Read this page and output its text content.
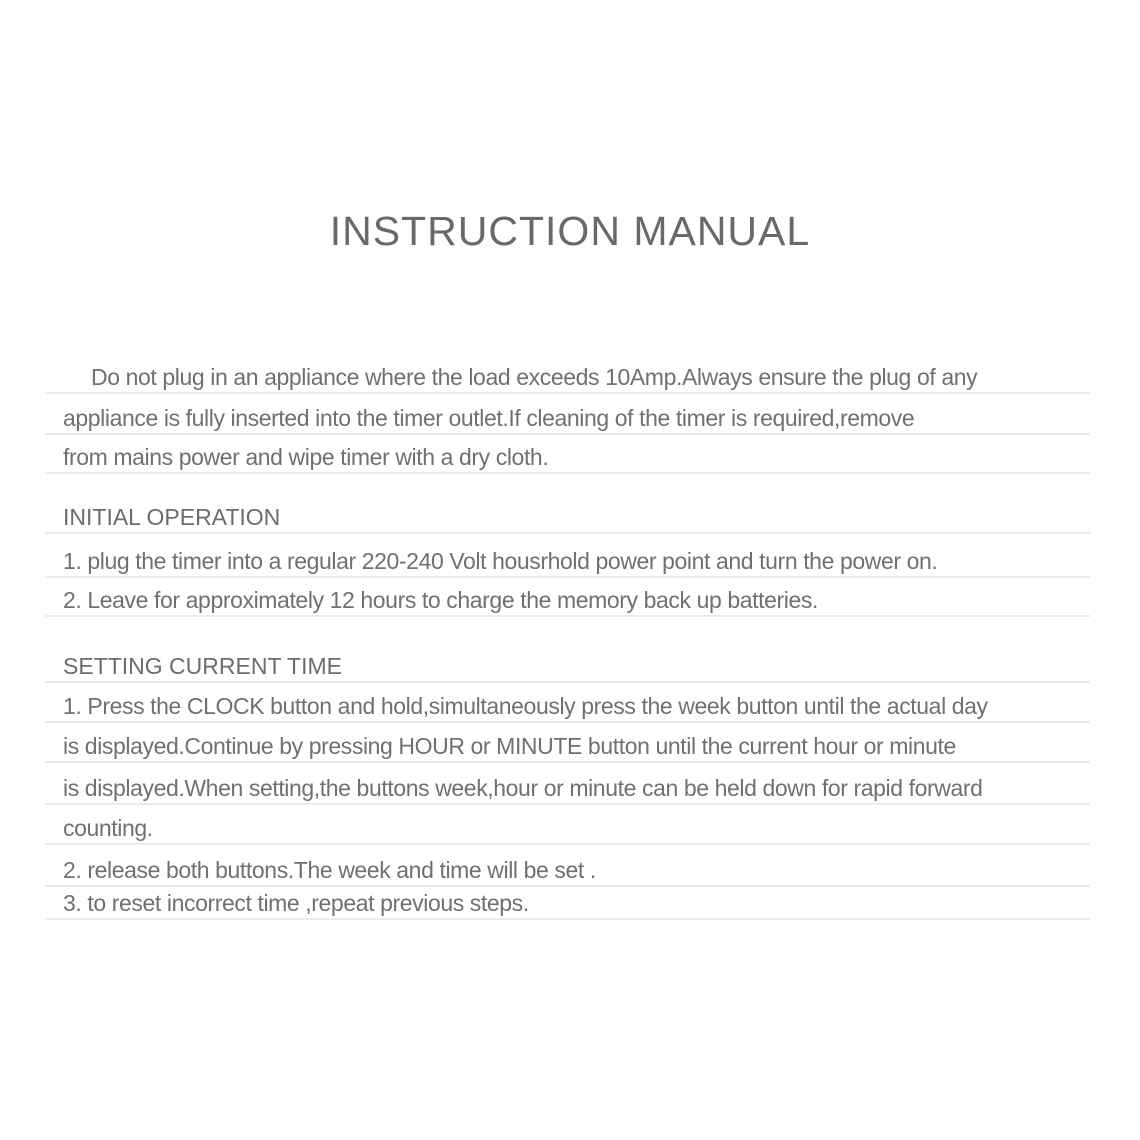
INSTRUCTION MANUAL
Do not plug in an appliance where the load exceeds 10Amp.Always ensure the plug of any
appliance is fully inserted into the timer outlet.If cleaning of the timer is required,remove
from mains power and wipe timer with a dry cloth.
INITIAL OPERATION
1. plug the timer into a regular 220-240 Volt housrhold power point and turn the power on.
2. Leave for approximately 12 hours to charge the memory back up batteries.
SETTING CURRENT TIME
1. Press the CLOCK button and hold,simultaneously press the week button until the actual day
is displayed.Continue by pressing HOUR or MINUTE button until the current hour or minute
is displayed.When setting,the buttons week,hour or minute can be held down for rapid forward
counting.
2. release both buttons.The week and time will be set .
3. to reset incorrect time ,repeat previous steps.
